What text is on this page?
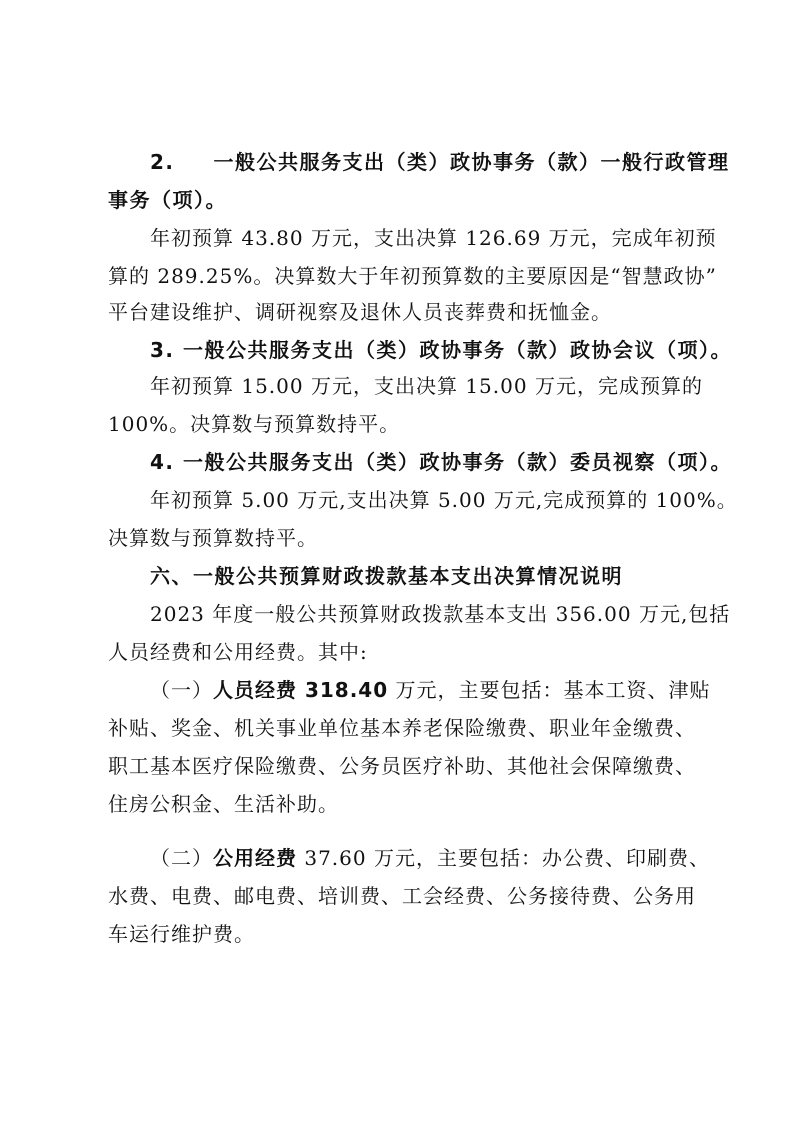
2. 一般公共服务支出（类）政协事务（款）一般行政管理
事务（项）。
年初预算 43.80 万元，支出决算 126.69 万元，完成年初预
算的 289.25%。决算数大于年初预算数的主要原因是“智慧政协”
平台建设维护、调研视察及退休人员丧葬费和抚恤金。
3. 一般公共服务支出（类）政协事务（款）政协会议（项）。
年初预算 15.00 万元，支出决算 15.00 万元，完成预算的
100%。决算数与预算数持平。
4. 一般公共服务支出（类）政协事务（款）委员视察（项）。
年初预算 5.00 万元,支出决算 5.00 万元,完成预算的 100%。
决算数与预算数持平。
六、一般公共预算财政拨款基本支出决算情况说明
2023 年度一般公共预算财政拨款基本支出 356.00 万元,包括
人员经费和公用经费。其中:
（一）人员经费 318.40 万元，主要包括：基本工资、津贴
补贴、奖金、机关事业单位基本养老保险缴费、职业年金缴费、
职工基本医疗保险缴费、公务员医疗补助、其他社会保障缴费、
住房公积金、生活补助。
（二）公用经费 37.60 万元，主要包括：办公费、印刷费、
水费、电费、邮电费、培训费、工会经费、公务接待费、公务用
车运行维护费。
